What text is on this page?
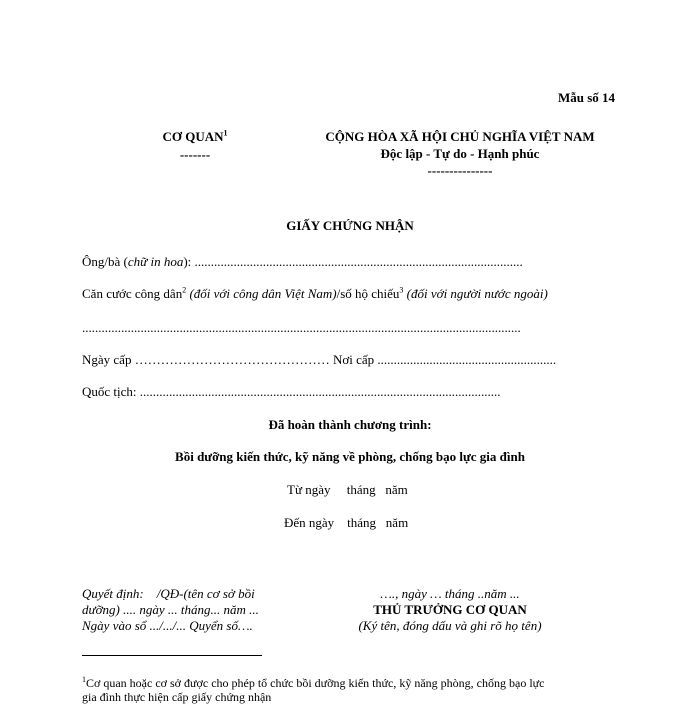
Mẫu số 14
CƠ QUAN$^1$
-------
CỘNG HÒA XÃ HỘI CHỦ NGHĨA VIỆT NAM
Độc lập - Tự do - Hạnh phúc
---------------
GIẤY CHỨNG NHẬN
Ông/bà (chữ in hoa): .....................................................................................................
Căn cước công dân$^2$ (đối với công dân Việt Nam)/số hộ chiếu$^3$ (đối với người nước ngoài)
.......................................................................................................................................
Ngày cấp ……………………………………… Nơi cấp .......................................................
Quốc tịch: ...............................................................................................................
Đã hoàn thành chương trình:
Bồi dưỡng kiến thức, kỹ năng về phòng, chống bạo lực gia đình
Từ ngày     tháng   năm
Đến ngày    tháng   năm
Quyết định:    /QĐ-(tên cơ sở bồi
dưỡng) .... ngày ... tháng... năm ...
Ngày vào sổ .../.../... Quyển số….
…., ngày … tháng ..năm ...
THỦ TRƯỞNG CƠ QUAN
(Ký tên, đóng dấu và ghi rõ họ tên)
$^1$Cơ quan hoặc cơ sở được cho phép tổ chức bồi dưỡng kiến thức, kỹ năng phòng, chống bạo lực
gia đình thực hiện cấp giấy chứng nhận
